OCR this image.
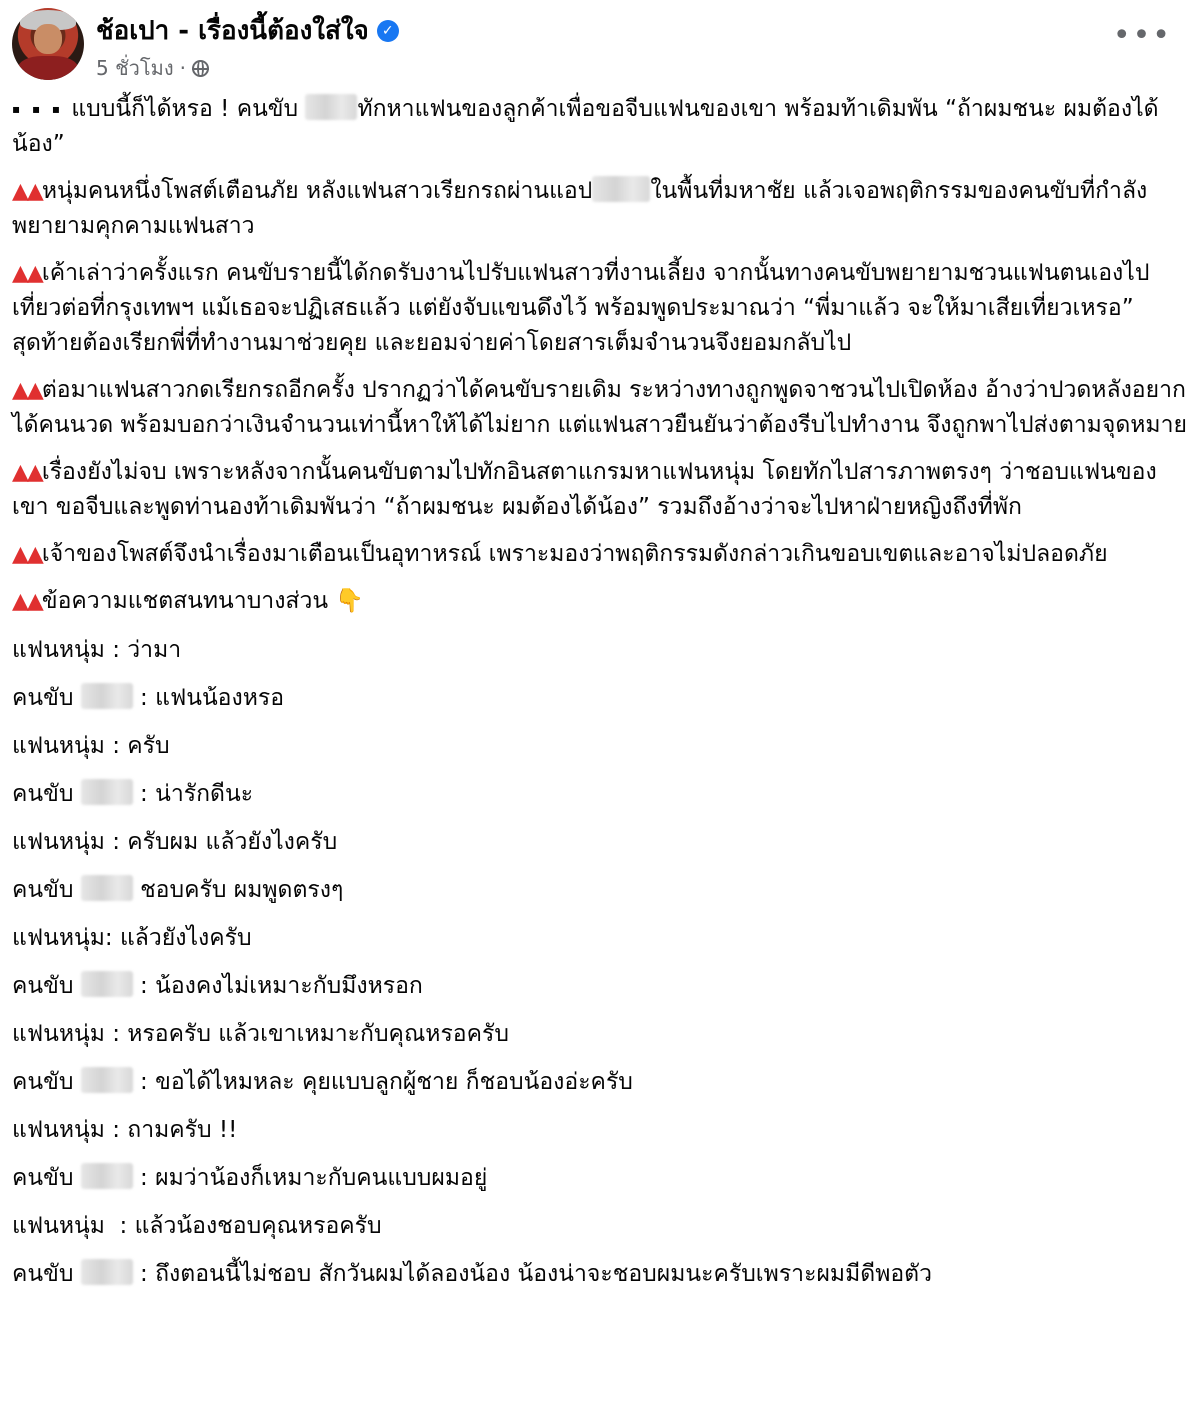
ช้อเปา - เรื่องนี้ต้องใส่ใจ ✓
5 ชั่วโมง ·
•••

▪ ▪ ▪ แบบนี้ก็ได้หรอ ! คนขับ ทักหาแฟนของลูกค้าเพื่อขอจีบแฟนของเขา พร้อมท้าเดิมพัน “ถ้าผมชนะ ผมต้องได้น้อง”

▲▲หนุ่มคนหนึ่งโพสต์เตือนภัย หลังแฟนสาวเรียกรถผ่านแอป	ในพื้นที่มหาชัย แล้วเจอพฤติกรรมของคนขับที่กำลังพยายามคุกคามแฟนสาว

▲▲เค้าเล่าว่าครั้งแรก คนขับรายนี้ได้กดรับงานไปรับแฟนสาวที่งานเลี้ยง จากนั้นทางคนขับพยายามชวนแฟนตนเองไปเที่ยวต่อที่กรุงเทพฯ แม้เธอจะปฏิเสธแล้ว แต่ยังจับแขนดึงไว้ พร้อมพูดประมาณว่า “พี่มาแล้ว จะให้มาเสียเที่ยวเหรอ” สุดท้ายต้องเรียกพี่ที่ทำงานมาช่วยคุย และยอมจ่ายค่าโดยสารเต็มจำนวนจึงยอมกลับไป

▲▲ต่อมาแฟนสาวกดเรียกรถอีกครั้ง ปรากฏว่าได้คนขับรายเดิม ระหว่างทางถูกพูดจาชวนไปเปิดห้อง อ้างว่าปวดหลังอยากได้คนนวด พร้อมบอกว่าเงินจำนวนเท่านี้หาให้ได้ไม่ยาก แต่แฟนสาวยืนยันว่าต้องรีบไปทำงาน จึงถูกพาไปส่งตามจุดหมาย

▲▲เรื่องยังไม่จบ เพราะหลังจากนั้นคนขับตามไปทักอินสตาแกรมหาแฟนหนุ่ม โดยทักไปสารภาพตรงๆ ว่าชอบแฟนของเขา ขอจีบและพูดท่านองท้าเดิมพันว่า “ถ้าผมชนะ ผมต้องได้น้อง” รวมถึงอ้างว่าจะไปหาฝ่ายหญิงถึงที่พัก

▲▲เจ้าของโพสต์จึงนำเรื่องมาเตือนเป็นอุทาหรณ์ เพราะมองว่าพฤติกรรมดังกล่าวเกินขอบเขตและอาจไม่ปลอดภัย

▲▲ข้อความแชตสนทนาบางส่วน 👇

แฟนหนุ่ม : ว่ามา

คนขับ	: แฟนน้องหรอ

แฟนหนุ่ม : ครับ

คนขับ	: น่ารักดีนะ

แฟนหนุ่ม : ครับผม แล้วยังไงครับ

คนขับ	ชอบครับ ผมพูดตรงๆ

แฟนหนุ่ม: แล้วยังไงครับ

คนขับ	: น้องคงไม่เหมาะกับมึงหรอก

แฟนหนุ่ม : หรอครับ แล้วเขาเหมาะกับคุณหรอครับ

คนขับ	: ขอได้ไหมหละ คุยแบบลูกผู้ชาย ก็ชอบน้องอ่ะครับ

แฟนหนุ่ม : ถามครับ !!

คนขับ	: ผมว่าน้องก็เหมาะกับคนแบบผมอยู่

แฟนหนุ่ม  : แล้วน้องชอบคุณหรอครับ

คนขับ	: ถึงตอนนี้ไม่ชอบ สักวันผมได้ลองน้อง น้องน่าจะชอบผมนะครับเพราะผมมีดีพอตัว
